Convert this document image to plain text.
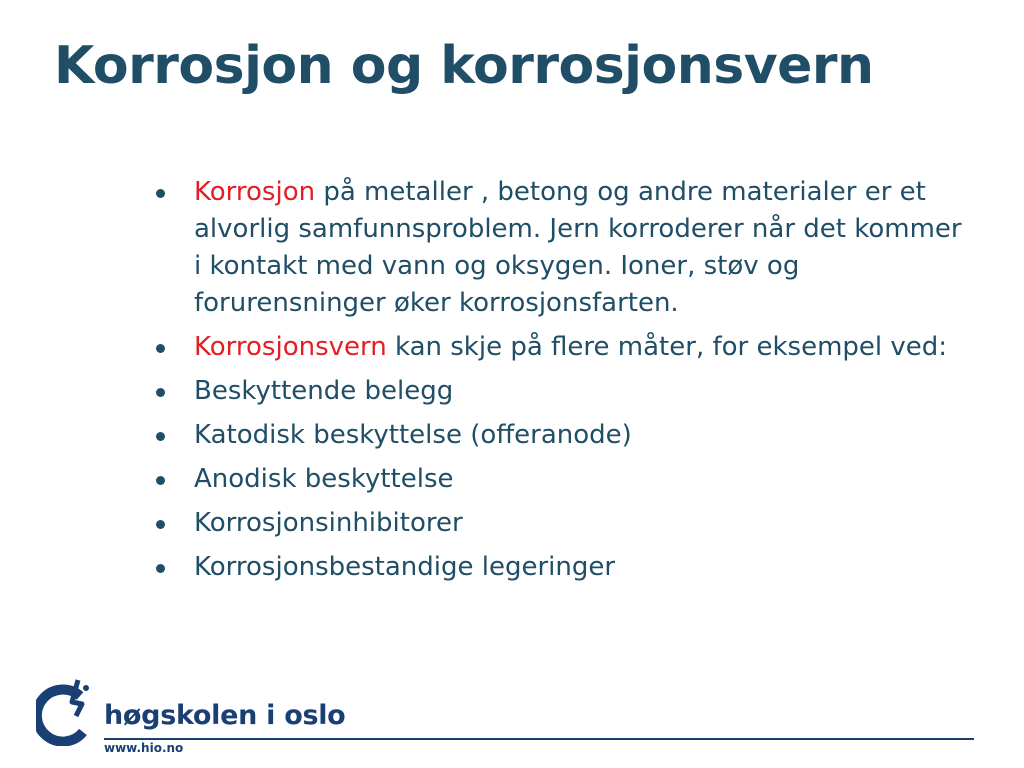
Korrosjon og korrosjonsvern
Korrosjon på metaller , betong og andre materialer er et alvorlig samfunnsproblem. Jern korroderer når det kommer i kontakt med vann og oksygen. Ioner, støv og forurensninger øker korrosjonsfarten.
Korrosjonsvern kan skje på flere måter, for eksempel ved:
Beskyttende belegg
Katodisk beskyttelse (offeranode)
Anodisk beskyttelse
Korrosjonsinhibitorer
Korrosjonsbestandige legeringer
høgskolen i oslo
www.hio.no
